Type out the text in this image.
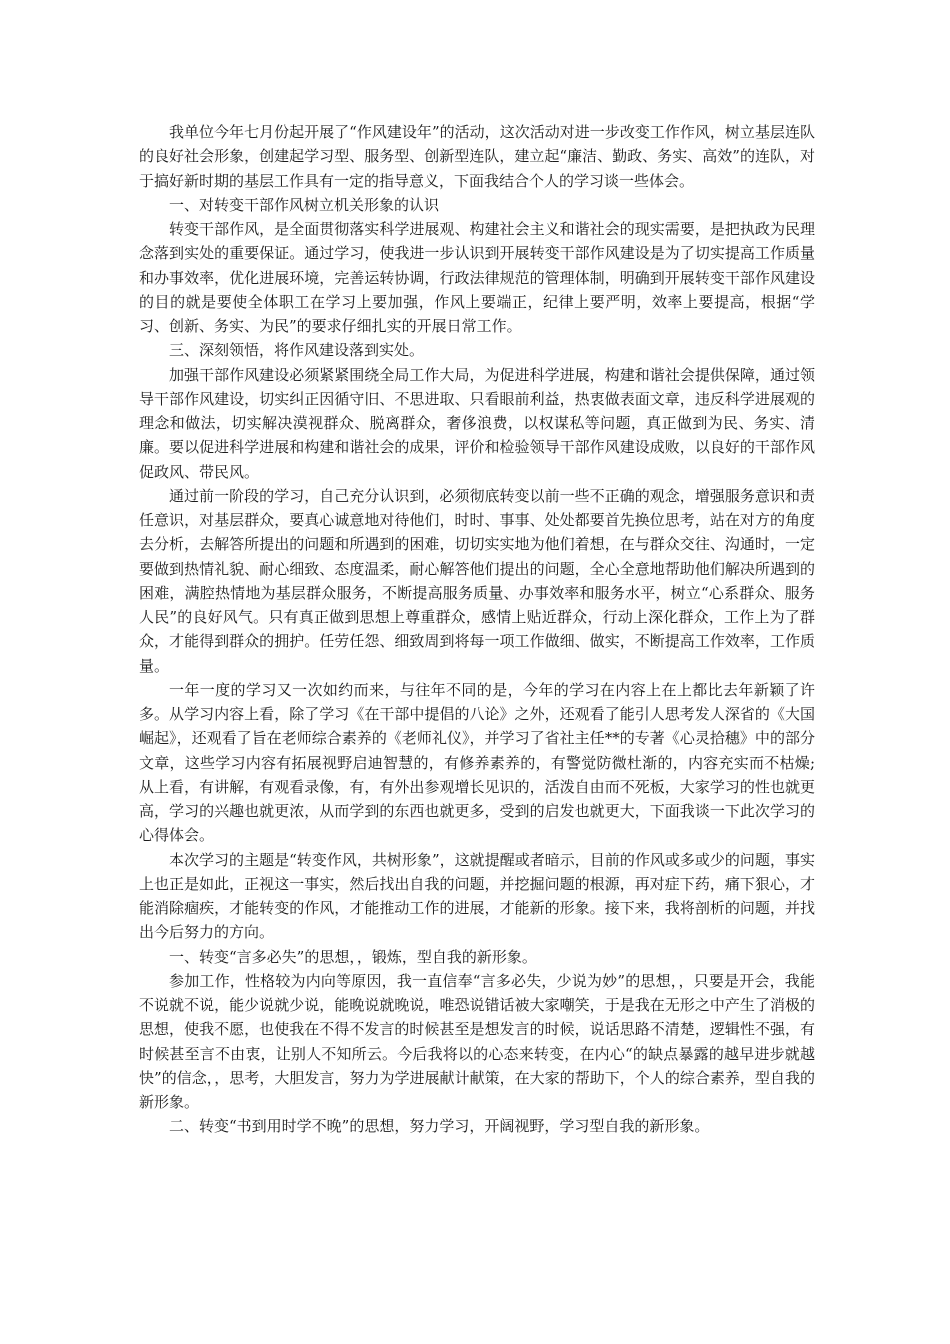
我单位今年七月份起开展了“作风建设年”的活动，这次活动对进一步改变工作作风，树立基层连队的良好社会形象，创建起学习型、服务型、创新型连队，建立起“廉洁、勤政、务实、高效”的连队，对于搞好新时期的基层工作具有一定的指导意义，下面我结合个人的学习谈一些体会。

一、对转变干部作风树立机关形象的认识

转变干部作风，是全面贯彻落实科学进展观、构建社会主义和谐社会的现实需要，是把执政为民理念落到实处的重要保证。通过学习，使我进一步认识到开展转变干部作风建设是为了切实提高工作质量和办事效率，优化进展环境，完善运转协调，行政法律规范的管理体制，明确到开展转变干部作风建设的目的就是要使全体职工在学习上要加强，作风上要端正，纪律上要严明，效率上要提高，根据“学习、创新、务实、为民”的要求仔细扎实的开展日常工作。

三、深刻领悟，将作风建设落到实处。

加强干部作风建设必须紧紧围绕全局工作大局，为促进科学进展，构建和谐社会提供保障，通过领导干部作风建设，切实纠正因循守旧、不思进取、只看眼前利益，热衷做表面文章，违反科学进展观的理念和做法，切实解决漠视群众、脱离群众，奢侈浪费，以权谋私等问题，真正做到为民、务实、清廉。要以促进科学进展和构建和谐社会的成果，评价和检验领导干部作风建设成败，以良好的干部作风促政风、带民风。

通过前一阶段的学习，自己充分认识到，必须彻底转变以前一些不正确的观念，增强服务意识和责任意识，对基层群众，要真心诚意地对待他们，时时、事事、处处都要首先换位思考，站在对方的角度去分析，去解答所提出的问题和所遇到的困难，切切实实地为他们着想，在与群众交往、沟通时，一定要做到热情礼貌、耐心细致、态度温柔，耐心解答他们提出的问题，全心全意地帮助他们解决所遇到的困难，满腔热情地为基层群众服务，不断提高服务质量、办事效率和服务水平，树立“心系群众、服务人民”的良好风气。只有真正做到思想上尊重群众，感情上贴近群众，行动上深化群众，工作上为了群众，才能得到群众的拥护。任劳任怨、细致周到将每一项工作做细、做实，不断提高工作效率，工作质量。

一年一度的学习又一次如约而来，与往年不同的是，今年的学习在内容上在上都比去年新颖了许多。从学习内容上看，除了学习《在干部中提倡的八论》之外，还观看了能引人思考发人深省的《大国崛起》，还观看了旨在老师综合素养的《老师礼仪》，并学习了省社主任**的专著《心灵拾穗》中的部分文章，这些学习内容有拓展视野启迪智慧的，有修养素养的，有警觉防微杜渐的，内容充实而不枯燥;从上看，有讲解，有观看录像，有，有外出参观增长见识的，活泼自由而不死板，大家学习的性也就更高，学习的兴趣也就更浓，从而学到的东西也就更多，受到的启发也就更大，下面我谈一下此次学习的心得体会。

本次学习的主题是“转变作风，共树形象”，这就提醒或者暗示，目前的作风或多或少的问题，事实上也正是如此，正视这一事实，然后找出自我的问题，并挖掘问题的根源，再对症下药，痛下狠心，才能消除痼疾，才能转变的作风，才能推动工作的进展，才能新的形象。接下来，我将剖析的问题，并找出今后努力的方向。

一、转变“言多必失”的思想，，锻炼，型自我的新形象。

参加工作，性格较为内向等原因，我一直信奉“言多必失，少说为妙”的思想，，只要是开会，我能不说就不说，能少说就少说，能晚说就晚说，唯恐说错话被大家嘲笑，于是我在无形之中产生了消极的思想，使我不愿，也使我在不得不发言的时候甚至是想发言的时候，说话思路不清楚，逻辑性不强，有时候甚至言不由衷，让别人不知所云。今后我将以的心态来转变，在内心“的缺点暴露的越早进步就越快”的信念，，思考，大胆发言，努力为学进展献计献策，在大家的帮助下，个人的综合素养，型自我的新形象。

二、转变“书到用时学不晚”的思想，努力学习，开阔视野，学习型自我的新形象。
